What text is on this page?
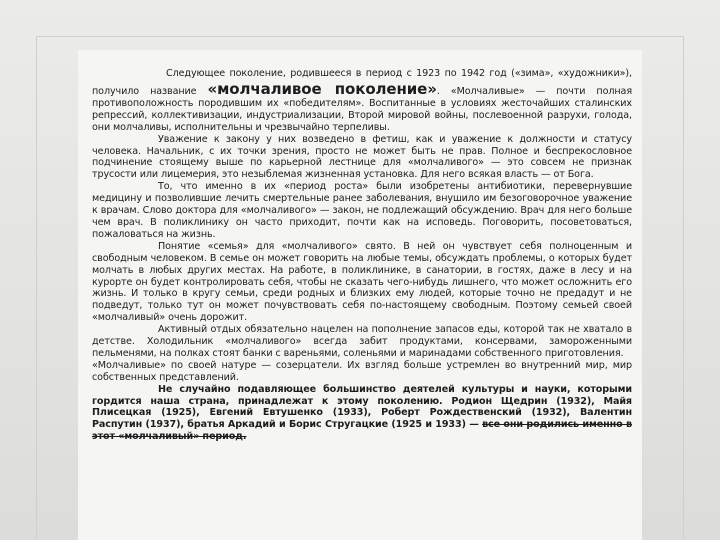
Следующее поколение, родившееся в период с 1923 по 1942 год («зима», «художники»), получило название «молчаливое поколение». «Молчаливые» — почти полная противоположность породившим их «победителям». Воспитанные в условиях жесточайших сталинских репрессий, коллективизации, индустриализации, Второй мировой войны, послевоенной разрухи, голода, они молчаливы, исполнительны и чрезвычайно терпеливы.

Уважение к закону у них возведено в фетиш, как и уважение к должности и статусу человека. Начальник, с их точки зрения, просто не может быть не прав. Полное и беспрекословное подчинение стоящему выше по карьерной лестнице для «молчаливого» — это совсем не признак трусости или лицемерия, это незыблемая жизненная установка. Для него всякая власть — от Бога.

То, что именно в их «период роста» были изобретены антибиотики, перевернувшие медицину и позволившие лечить смертельные ранее заболевания, внушило им безоговорочное уважение к врачам. Слово доктора для «молчаливого» — закон, не подлежащий обсуждению. Врач для него больше чем врач. В поликлинику он часто приходит, почти как на исповедь. Поговорить, посоветоваться, пожаловаться на жизнь.

Понятие «семья» для «молчаливого» свято. В ней он чувствует себя полноценным и свободным человеком. В семье он может говорить на любые темы, обсуждать проблемы, о которых будет молчать в любых других местах. На работе, в поликлинике, в санатории, в гостях, даже в лесу и на курорте он будет контролировать себя, чтобы не сказать чего-нибудь лишнего, что может осложнить его жизнь. И только в кругу семьи, среди родных и близких ему людей, которые точно не предадут и не подведут, только тут он может почувствовать себя по-настоящему свободным. Поэтому семьей своей «молчаливый» очень дорожит.

Активный отдых обязательно нацелен на пополнение запасов еды, которой так не хватало в детстве. Холодильник «молчаливого» всегда забит продуктами, консервами, замороженными пельменями, на полках стоят банки с вареньями, соленьями и маринадами собственного приготовления.

«Молчаливые» по своей натуре — созерцатели. Их взгляд больше устремлен во внутренний мир, мир собственных представлений.

Не случайно подавляющее большинство деятелей культуры и науки, которыми гордится наша страна, принадлежат к этому поколению. Родион Щедрин (1932), Майя Плисецкая (1925), Евгений Евтушенко (1933), Роберт Рождественский (1932), Валентин Распутин (1937), братья Аркадий и Борис Стругацкие (1925 и 1933) — все они родились именно в этот «молчаливый» период.
